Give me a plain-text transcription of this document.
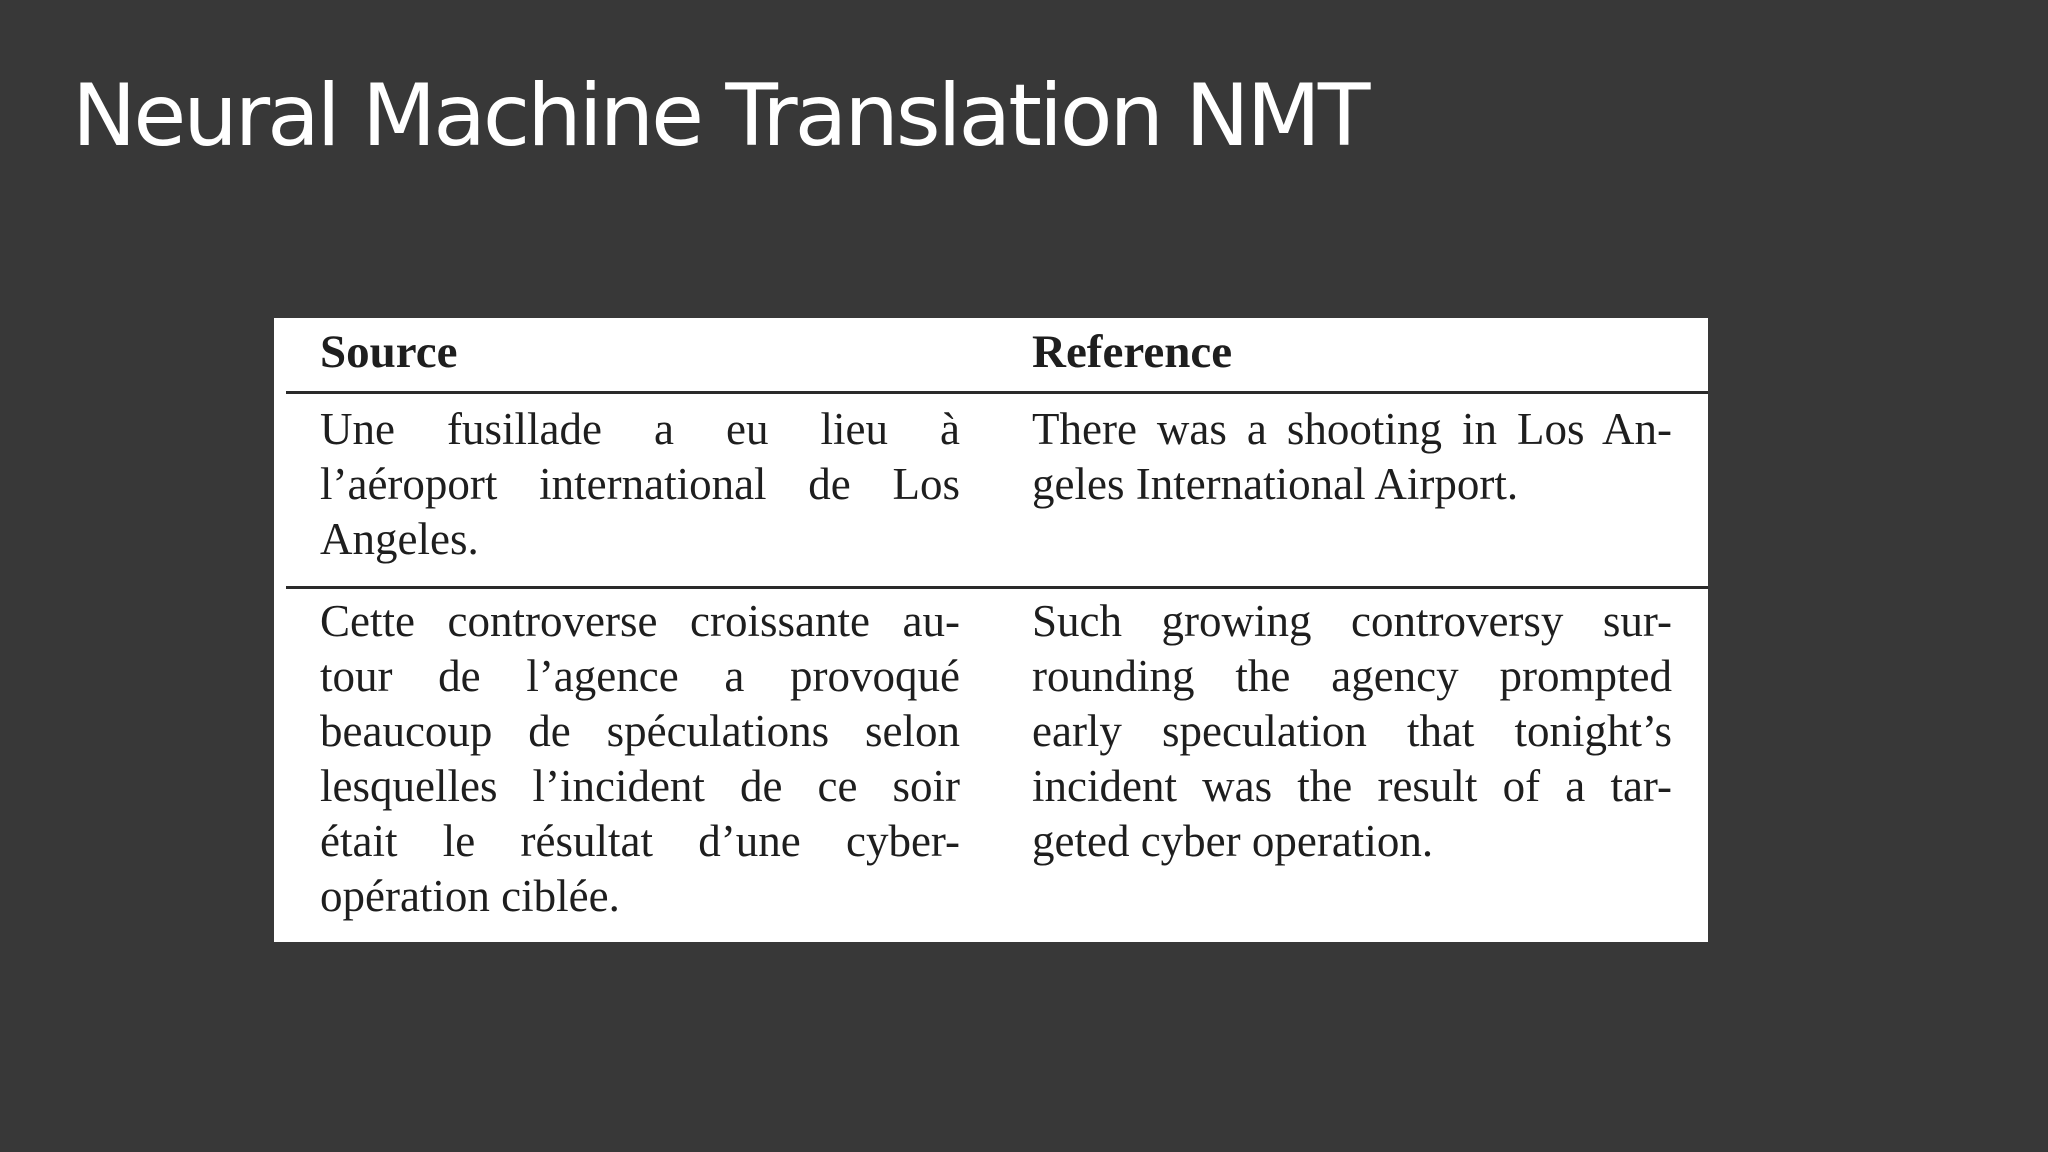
Neural Machine Translation NMT
Source	Reference
Une fusillade a eu lieu à
l’aéroport international de Los
Angeles.
There was a shooting in Los An-
geles International Airport.
Cette controverse croissante au-
tour de l’agence a provoqué
beaucoup de spéculations selon
lesquelles l’incident de ce soir
était le résultat d’une cyber-
opération ciblée.
Such growing controversy sur-
rounding the agency prompted
early speculation that tonight’s
incident was the result of a tar-
geted cyber operation.
